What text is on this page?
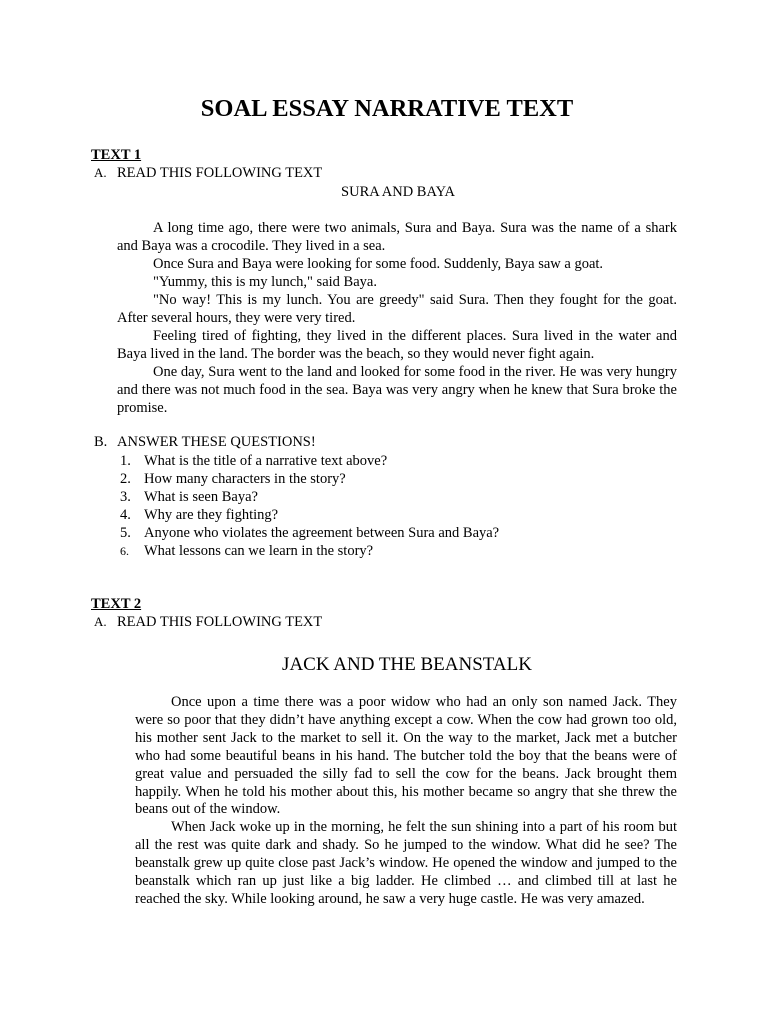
SOAL ESSAY NARRATIVE TEXT
TEXT 1
A. READ THIS FOLLOWING TEXT
SURA AND BAYA

A long time ago, there were two animals, Sura and Baya. Sura was the name of a shark and Baya was a crocodile. They lived in a sea.

Once Sura and Baya were looking for some food. Suddenly, Baya saw a goat.

"Yummy, this is my lunch," said Baya.

"No way! This is my lunch. You are greedy" said Sura. Then they fought for the goat. After several hours, they were very tired.

Feeling tired of fighting, they lived in the different places. Sura lived in the water and Baya lived in the land. The border was the beach, so they would never fight again.

One day, Sura went to the land and looked for some food in the river. He was very hungry and there was not much food in the sea. Baya was very angry when he knew that Sura broke the promise.

B. ANSWER THESE QUESTIONS!
1. What is the title of a narrative text above?
2. How many characters in the story?
3. What is seen Baya?
4. Why are they fighting?
5. Anyone who violates the agreement between Sura and Baya?
6. What lessons can we learn in the story?
TEXT 2
A. READ THIS FOLLOWING TEXT
JACK AND THE BEANSTALK

Once upon a time there was a poor widow who had an only son named Jack. They were so poor that they didn’t have anything except a cow. When the cow had grown too old, his mother sent Jack to the market to sell it. On the way to the market, Jack met a butcher who had some beautiful beans in his hand. The butcher told the boy that the beans were of great value and persuaded the silly fad to sell the cow for the beans. Jack brought them happily. When he told his mother about this, his mother became so angry that she threw the beans out of the window.

When Jack woke up in the morning, he felt the sun shining into a part of his room but all the rest was quite dark and shady. So he jumped to the window. What did he see? The beanstalk grew up quite close past Jack’s window. He opened the window and jumped to the beanstalk which ran up just like a big ladder. He climbed … and climbed till at last he reached the sky. While looking around, he saw a very huge castle. He was very amazed.
